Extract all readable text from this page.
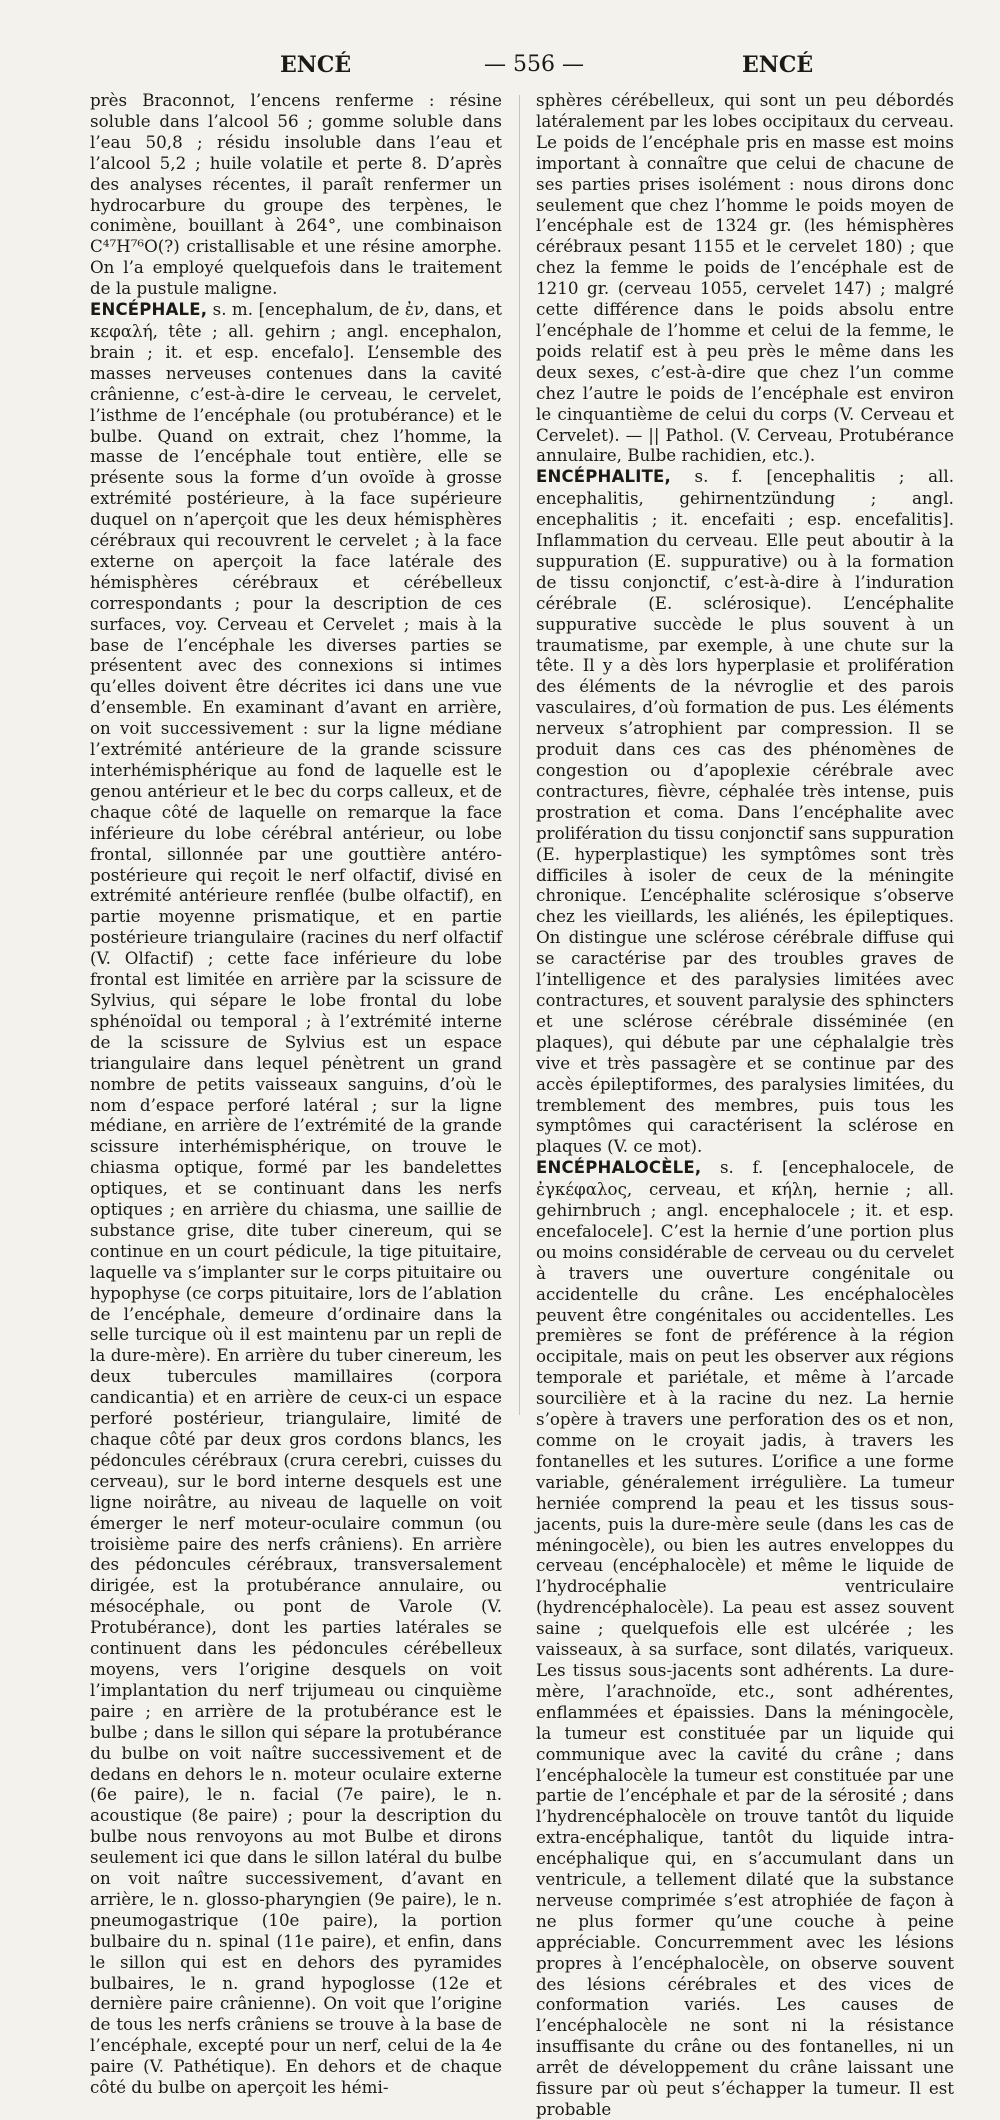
ENCÉ	— 556 —	ENCÉ

près Braconnot, l’encens renferme : résine soluble dans l’alcool 56 ; gomme soluble dans l’eau 50,8 ; résidu insoluble dans l’eau et l’alcool 5,2 ; huile volatile et perte 8. D’après des analyses récentes, il paraît renfermer un hydrocarbure du groupe des terpènes, le conimène, bouillant à 264°, une combinaison C⁴⁷H⁷⁶O(?) cristallisable et une résine amorphe. On l’a employé quelquefois dans le traitement de la pustule maligne.

ENCÉPHALE, s. m. [encephalum, de ἐν, dans, et κεφαλή, tête ; all. gehirn ; angl. encephalon, brain ; it. et esp. encefalo]. L’ensemble des masses nerveuses contenues dans la cavité crânienne, c’est-à-dire le cerveau, le cervelet, l’isthme de l’encéphale (ou protubérance) et le bulbe. Quand on extrait, chez l’homme, la masse de l’encéphale tout entière, elle se présente sous la forme d’un ovoïde à grosse extrémité postérieure, à la face supérieure duquel on n’aperçoit que les deux hémisphères cérébraux qui recouvrent le cervelet ; à la face externe on aperçoit la face latérale des hémisphères cérébraux et cérébelleux correspondants ; pour la description de ces surfaces, voy. Cerveau et Cervelet ; mais à la base de l’encéphale les diverses parties se présentent avec des connexions si intimes qu’elles doivent être décrites ici dans une vue d’ensemble. En examinant d’avant en arrière, on voit successivement : sur la ligne médiane l’extrémité antérieure de la grande scissure interhémisphérique au fond de laquelle est le genou antérieur et le bec du corps calleux, et de chaque côté de laquelle on remarque la face inférieure du lobe cérébral antérieur, ou lobe frontal, sillonnée par une gouttière antéro-postérieure qui reçoit le nerf olfactif, divisé en extrémité antérieure renflée (bulbe olfactif), en partie moyenne prismatique, et en partie postérieure triangulaire (racines du nerf olfactif (V. Olfactif) ; cette face inférieure du lobe frontal est limitée en arrière par la scissure de Sylvius, qui sépare le lobe frontal du lobe sphénoïdal ou temporal ; à l’extrémité interne de la scissure de Sylvius est un espace triangulaire dans lequel pénètrent un grand nombre de petits vaisseaux sanguins, d’où le nom d’espace perforé latéral ; sur la ligne médiane, en arrière de l’extrémité de la grande scissure interhémisphérique, on trouve le chiasma optique, formé par les bandelettes optiques, et se continuant dans les nerfs optiques ; en arrière du chiasma, une saillie de substance grise, dite tuber cinereum, qui se continue en un court pédicule, la tige pituitaire, laquelle va s’implanter sur le corps pituitaire ou hypophyse (ce corps pituitaire, lors de l’ablation de l’encéphale, demeure d’ordinaire dans la selle turcique où il est maintenu par un repli de la dure-mère). En arrière du tuber cinereum, les deux tubercules mamillaires (corpora candicantia) et en arrière de ceux-ci un espace perforé postérieur, triangulaire, limité de chaque côté par deux gros cordons blancs, les pédoncules cérébraux (crura cerebri, cuisses du cerveau), sur le bord interne desquels est une ligne noirâtre, au niveau de laquelle on voit émerger le nerf moteur-oculaire commun (ou troisième paire des nerfs crâniens). En arrière des pédoncules cérébraux, transversalement dirigée, est la protubérance annulaire, ou mésocéphale, ou pont de Varole (V. Protubérance), dont les parties latérales se continuent dans les pédoncules cérébelleux moyens, vers l’origine desquels on voit l’implantation du nerf trijumeau ou cinquième paire ; en arrière de la protubérance est le bulbe ; dans le sillon qui sépare la protubérance du bulbe on voit naître successivement et de dedans en dehors le n. moteur oculaire externe (6e paire), le n. facial (7e paire), le n. acoustique (8e paire) ; pour la description du bulbe nous renvoyons au mot Bulbe et dirons seulement ici que dans le sillon latéral du bulbe on voit naître successivement, d’avant en arrière, le n. glosso-pharyngien (9e paire), le n. pneumogastrique (10e paire), la portion bulbaire du n. spinal (11e paire), et enfin, dans le sillon qui est en dehors des pyramides bulbaires, le n. grand hypoglosse (12e et dernière paire crânienne). On voit que l’origine de tous les nerfs crâniens se trouve à la base de l’encéphale, excepté pour un nerf, celui de la 4e paire (V. Pathétique). En dehors et de chaque côté du bulbe on aperçoit les hémi-

sphères cérébelleux, qui sont un peu débordés latéralement par les lobes occipitaux du cerveau. Le poids de l’encéphale pris en masse est moins important à connaître que celui de chacune de ses parties prises isolément : nous dirons donc seulement que chez l’homme le poids moyen de l’encéphale est de 1324 gr. (les hémisphères cérébraux pesant 1155 et le cervelet 180) ; que chez la femme le poids de l’encéphale est de 1210 gr. (cerveau 1055, cervelet 147) ; malgré cette différence dans le poids absolu entre l’encéphale de l’homme et celui de la femme, le poids relatif est à peu près le même dans les deux sexes, c’est-à-dire que chez l’un comme chez l’autre le poids de l’encéphale est environ le cinquantième de celui du corps (V. Cerveau et Cervelet). — || Pathol. (V. Cerveau, Protubérance annulaire, Bulbe rachidien, etc.).

ENCÉPHALITE, s. f. [encephalitis ; all. encephalitis, gehirnentzündung ; angl. encephalitis ; it. encefaiti ; esp. encefalitis]. Inflammation du cerveau. Elle peut aboutir à la suppuration (E. suppurative) ou à la formation de tissu conjonctif, c’est-à-dire à l’induration cérébrale (E. sclérosique). L’encéphalite suppurative succède le plus souvent à un traumatisme, par exemple, à une chute sur la tête. Il y a dès lors hyperplasie et prolifération des éléments de la névroglie et des parois vasculaires, d’où formation de pus. Les éléments nerveux s’atrophient par compression. Il se produit dans ces cas des phénomènes de congestion ou d’apoplexie cérébrale avec contractures, fièvre, céphalée très intense, puis prostration et coma. Dans l’encéphalite avec prolifération du tissu conjonctif sans suppuration (E. hyperplastique) les symptômes sont très difficiles à isoler de ceux de la méningite chronique. L’encéphalite sclérosique s’observe chez les vieillards, les aliénés, les épileptiques. On distingue une sclérose cérébrale diffuse qui se caractérise par des troubles graves de l’intelligence et des paralysies limitées avec contractures, et souvent paralysie des sphincters et une sclérose cérébrale disséminée (en plaques), qui débute par une céphalalgie très vive et très passagère et se continue par des accès épileptiformes, des paralysies limitées, du tremblement des membres, puis tous les symptômes qui caractérisent la sclérose en plaques (V. ce mot).

ENCÉPHALOCÈLE, s. f. [encephalocele, de ἐγκέφαλος, cerveau, et κήλη, hernie ; all. gehirnbruch ; angl. encephalocele ; it. et esp. encefalocele]. C’est la hernie d’une portion plus ou moins considérable de cerveau ou du cervelet à travers une ouverture congénitale ou accidentelle du crâne. Les encéphalocèles peuvent être congénitales ou accidentelles. Les premières se font de préférence à la région occipitale, mais on peut les observer aux régions temporale et pariétale, et même à l’arcade sourcilière et à la racine du nez. La hernie s’opère à travers une perforation des os et non, comme on le croyait jadis, à travers les fontanelles et les sutures. L’orifice a une forme variable, généralement irrégulière. La tumeur herniée comprend la peau et les tissus sous-jacents, puis la dure-mère seule (dans les cas de méningocèle), ou bien les autres enveloppes du cerveau (encéphalocèle) et même le liquide de l’hydrocéphalie ventriculaire (hydrencéphalocèle). La peau est assez souvent saine ; quelquefois elle est ulcérée ; les vaisseaux, à sa surface, sont dilatés, variqueux. Les tissus sous-jacents sont adhérents. La dure-mère, l’arachnoïde, etc., sont adhérentes, enflammées et épaissies. Dans la méningocèle, la tumeur est constituée par un liquide qui communique avec la cavité du crâne ; dans l’encéphalocèle la tumeur est constituée par une partie de l’encéphale et par de la sérosité ; dans l’hydrencéphalocèle on trouve tantôt du liquide extra-encéphalique, tantôt du liquide intra-encéphalique qui, en s’accumulant dans un ventricule, a tellement dilaté que la substance nerveuse comprimée s’est atrophiée de façon à ne plus former qu’une couche à peine appréciable. Concurremment avec les lésions propres à l’encéphalocèle, on observe souvent des lésions cérébrales et des vices de conformation variés. Les causes de l’encéphalocèle ne sont ni la résistance insuffisante du crâne ou des fontanelles, ni un arrêt de développement du crâne laissant une fissure par où peut s’échapper la tumeur. Il est probable
